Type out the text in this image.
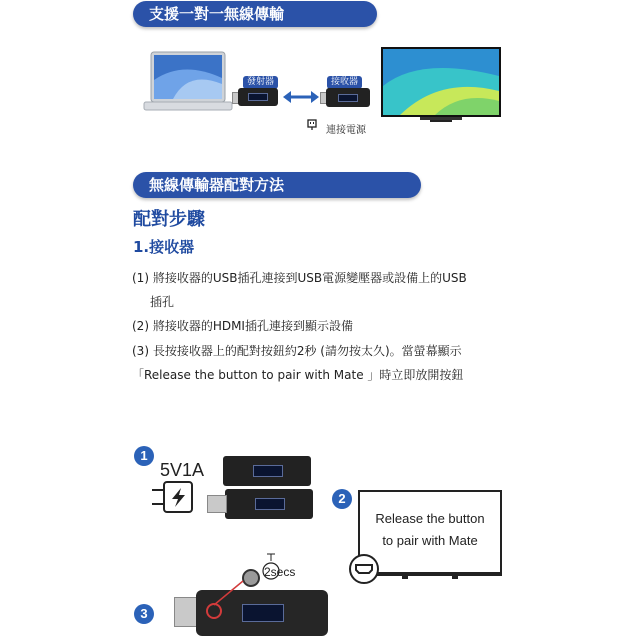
支援一對一無線傳輸
發射器	接收器
連接電源
無線傳輸器配對方法
配對步驟
1.接收器
(1) 將接收器的USB插孔連接到USB電源變壓器或設備上的USB
插孔
(2) 將接收器的HDMI插孔連接到顯示設備
(3) 長按接收器上的配對按鈕約2秒 (請勿按太久)。當螢幕顯示
「Release the button to pair with Mate 」時立即放開按鈕
1
5V1A
2
Release the button
to pair with Mate
2secs
3
